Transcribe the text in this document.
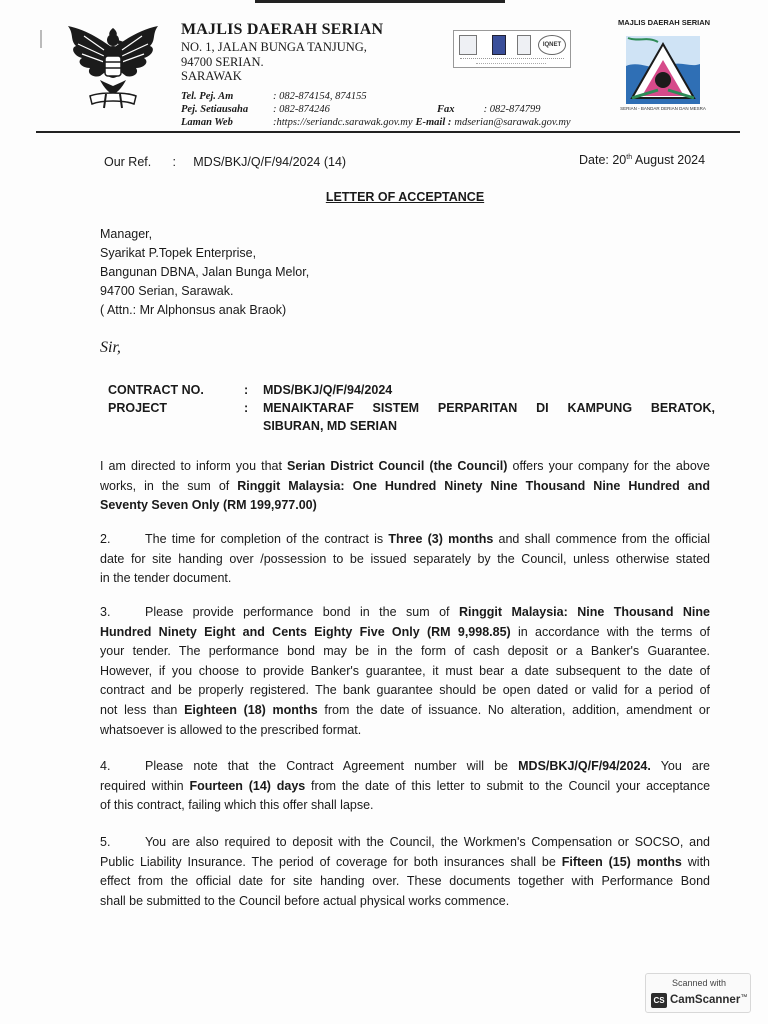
MAJLIS DAERAH SERIAN
NO. 1, JALAN BUNGA TANJUNG,
94700 SERIAN.
SARAWAK
Tel. Pej. Am	: 082-874154, 874155
Pej. Setiausaha	: 082-874246
Laman Web	:https://seriandc.sarawak.gov.my E-mail : mdserian@sarawak.gov.my
Fax	: 082-874799
IQNET
MAJLIS DAERAH SERIAN
SERIAN - BANDAR DERIAN DAN MESRA
Our Ref. : MDS/BKJ/Q/F/94/2024 (14)	Date: 20th August 2024
LETTER OF ACCEPTANCE
Manager,
Syarikat P.Topek Enterprise,
Bangunan DBNA, Jalan Bunga Melor,
94700 Serian, Sarawak.
( Attn.: Mr Alphonsus anak Braok)
Sir,
CONTRACT NO.	:	MDS/BKJ/Q/F/94/2024
PROJECT	:	MENAIKTARAF SISTEM PERPARITAN DI KAMPUNG BERATOK,
SIBURAN, MD SERIAN
I am directed to inform you that Serian District Council (the Council) offers your company for the above
works, in the sum of Ringgit Malaysia: One Hundred Ninety Nine Thousand Nine Hundred and
Seventy Seven Only (RM 199,977.00)
2.	The time for completion of the contract is Three (3) months and shall commence from the official
date for site handing over /possession to be issued separately by the Council, unless otherwise stated
in the tender document.
3.	Please provide performance bond in the sum of Ringgit Malaysia: Nine Thousand Nine
Hundred Ninety Eight and Cents Eighty Five Only (RM 9,998.85) in accordance with the terms of
your tender. The performance bond may be in the form of cash deposit or a Banker's Guarantee.
However, if you choose to provide Banker's guarantee, it must bear a date subsequent to the date of
contract and be properly registered. The bank guarantee should be open dated or valid for a period of
not less than Eighteen (18) months from the date of issuance. No alteration, addition, amendment or
whatsoever is allowed to the prescribed format.
4.	Please note that the Contract Agreement number will be MDS/BKJ/Q/F/94/2024. You are
required within Fourteen (14) days from the date of this letter to submit to the Council your acceptance
of this contract, failing which this offer shall lapse.
5.	You are also required to deposit with the Council, the Workmen's Compensation or SOCSO, and
Public Liability Insurance. The period of coverage for both insurances shall be Fifteen (15) months with
effect from the official date for site handing over. These documents together with Performance Bond
shall be submitted to the Council before actual physical works commence.
Scanned with
CS CamScanner™
